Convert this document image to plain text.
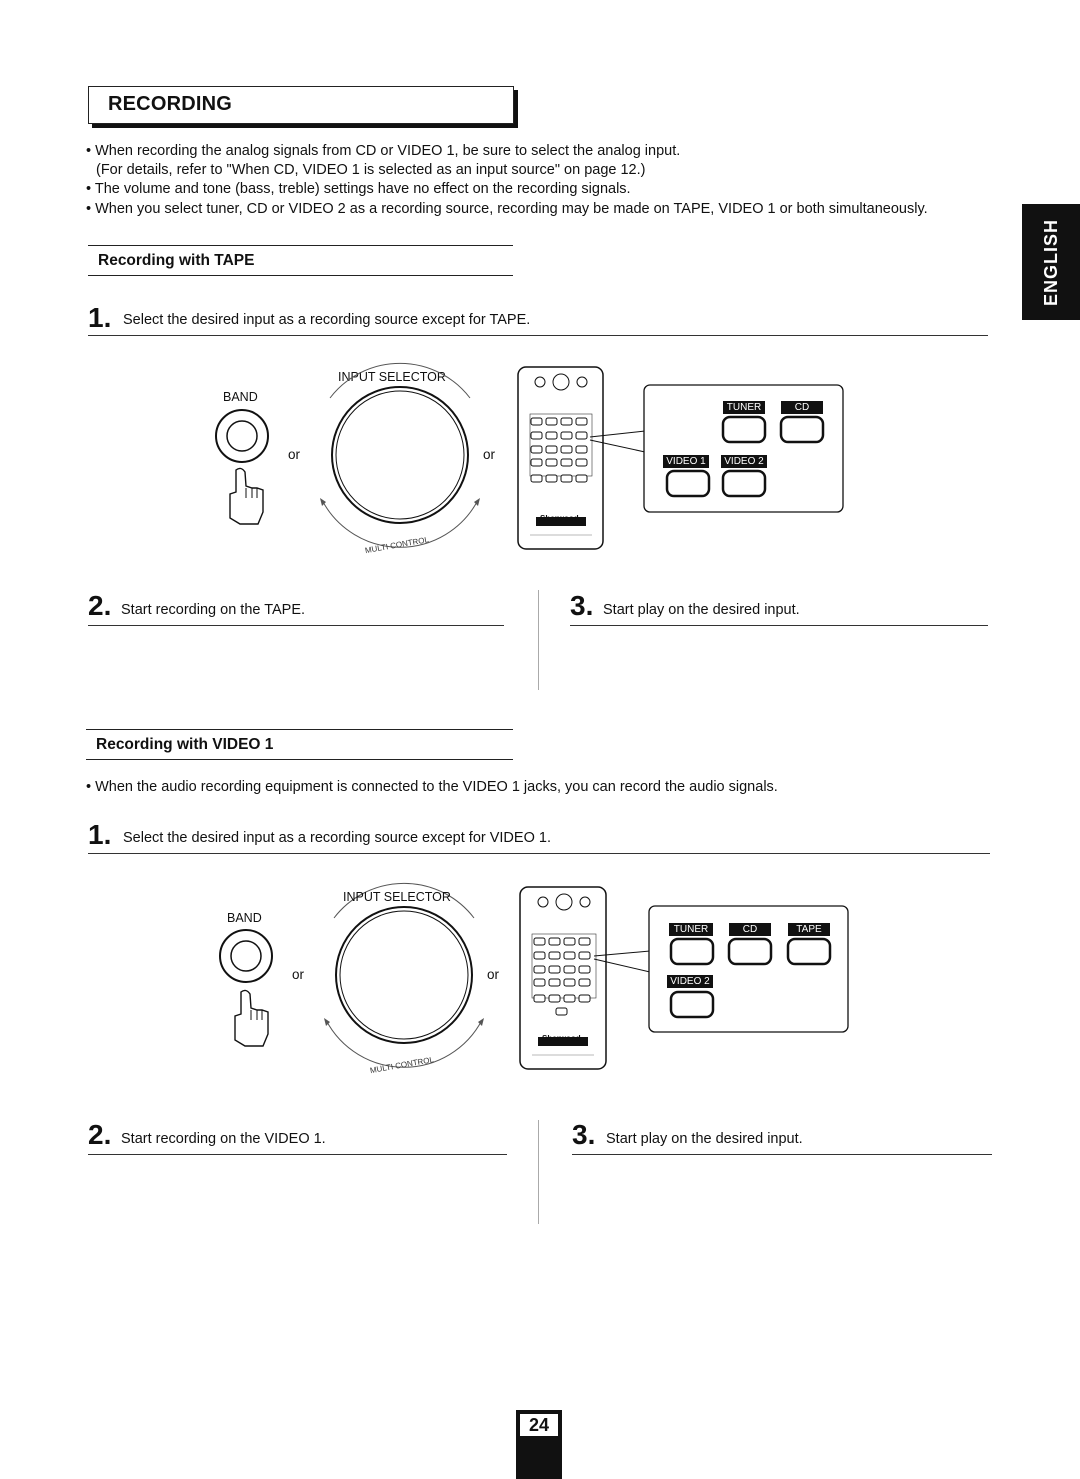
RECORDING
ENGLISH
• When recording the analog signals from CD or VIDEO 1, be sure to select the analog input.
(For details, refer to "When CD, VIDEO 1 is selected as an input source" on page 12.)
• The volume and tone (bass, treble) settings have no effect on the recording signals.
• When you select tuner, CD or VIDEO 2 as a recording source, recording may be made on TAPE, VIDEO 1 or both simultaneously.
Recording with TAPE
1. Select the desired input as a recording source except for TAPE.
INPUT SELECTOR
BAND
or	or
MULTI CONTROL
MULTI CONTROL
TUNER	CD
VIDEO 1	VIDEO 2
Sherwood
2. Start recording on the TAPE.	3. Start play on the desired input.
Recording with VIDEO 1
• When the audio recording equipment is connected to the VIDEO 1 jacks, you can record the audio signals.
1. Select the desired input as a recording source except for VIDEO 1.
INPUT SELECTOR
BAND
or	or
TUNER	CD	TAPE
VIDEO 2
Sherwood
2. Start recording on the VIDEO 1.	3. Start play on the desired input.
24
